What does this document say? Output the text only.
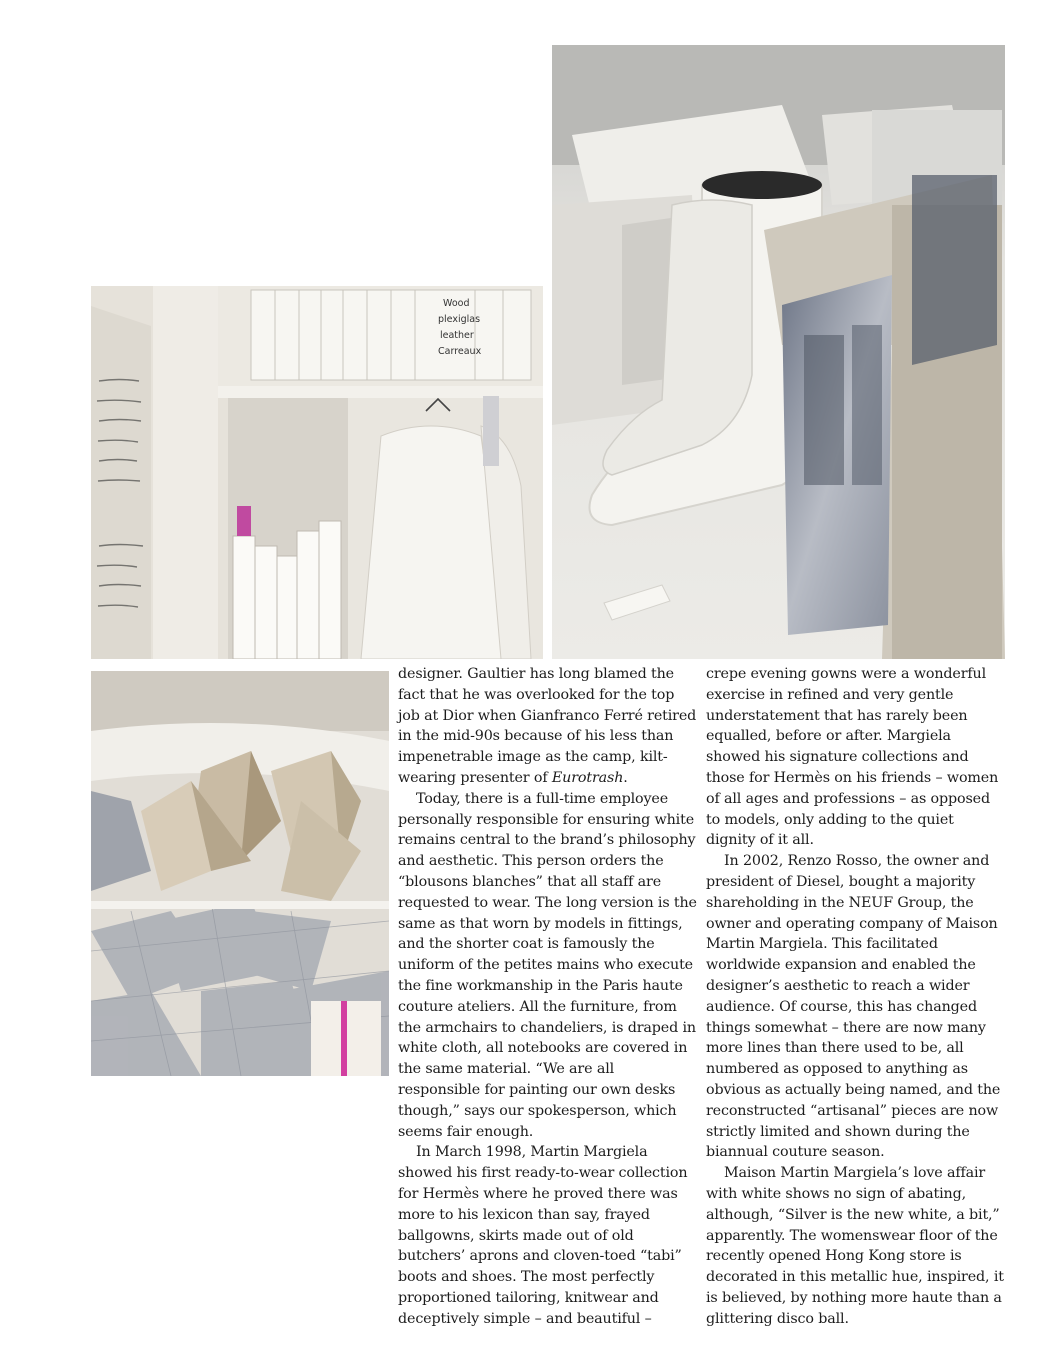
Wood
plexiglas
leather
Carreaux

designer. Gaultier has long blamed the fact that he was overlooked for the top job at Dior when Gianfranco Ferré retired in the mid-90s because of his less than impenetrable image as the camp, kilt-wearing presenter of Eurotrash.

Today, there is a full-time employee personally responsible for ensuring white remains central to the brand’s philosophy and aesthetic. This person orders the “blousons blanches” that all staff are requested to wear. The long version is the same as that worn by models in fittings, and the shorter coat is famously the uniform of the petites mains who execute the fine workmanship in the Paris haute couture ateliers. All the furniture, from the armchairs to chandeliers, is draped in white cloth, all notebooks are covered in the same material. “We are all responsible for painting our own desks though,” says our spokesperson, which seems fair enough.

In March 1998, Martin Margiela showed his first ready-to-wear collection for Hermès where he proved there was more to his lexicon than say, frayed ballgowns, skirts made out of old butchers’ aprons and cloven-toed “tabi” boots and shoes. The most perfectly proportioned tailoring, knitwear and deceptively simple – and beautiful –

crepe evening gowns were a wonderful exercise in refined and very gentle understatement that has rarely been equalled, before or after. Margiela showed his signature collections and those for Hermès on his friends – women of all ages and professions – as opposed to models, only adding to the quiet dignity of it all.

In 2002, Renzo Rosso, the owner and president of Diesel, bought a majority shareholding in the NEUF Group, the owner and operating company of Maison Martin Margiela. This facilitated worldwide expansion and enabled the designer’s aesthetic to reach a wider audience. Of course, this has changed things somewhat – there are now many more lines than there used to be, all numbered as opposed to anything as obvious as actually being named, and the reconstructed “artisanal” pieces are now strictly limited and shown during the biannual couture season.

Maison Martin Margiela’s love affair with white shows no sign of abating, although, “Silver is the new white, a bit,” apparently. The womenswear floor of the recently opened Hong Kong store is decorated in this metallic hue, inspired, it is believed, by nothing more haute than a glittering disco ball.
